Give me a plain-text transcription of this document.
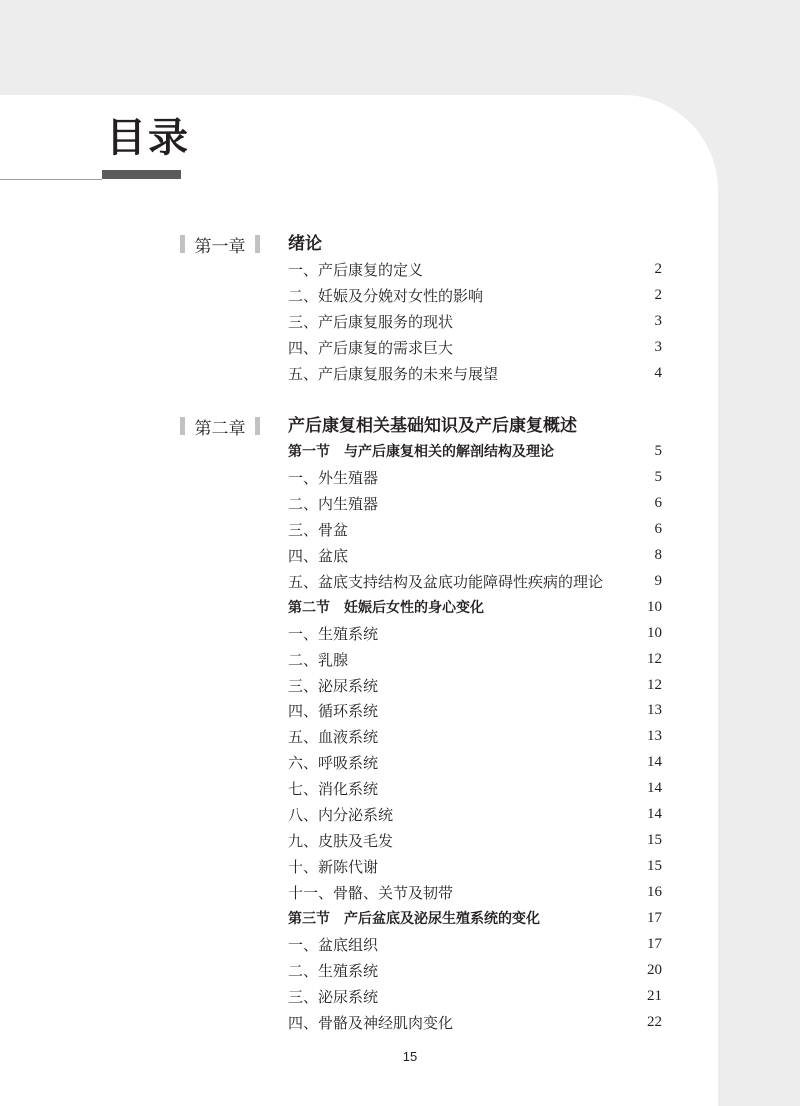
目录
第一章	绪论
一、产后康复的定义	2
二、妊娠及分娩对女性的影响	2
三、产后康复服务的现状	3
四、产后康复的需求巨大	3
五、产后康复服务的未来与展望	4
第二章	产后康复相关基础知识及产后康复概述
第一节　与产后康复相关的解剖结构及理论	5
一、外生殖器	5
二、内生殖器	6
三、骨盆	6
四、盆底	8
五、盆底支持结构及盆底功能障碍性疾病的理论	9
第二节　妊娠后女性的身心变化	10
一、生殖系统	10
二、乳腺	12
三、泌尿系统	12
四、循环系统	13
五、血液系统	13
六、呼吸系统	14
七、消化系统	14
八、内分泌系统	14
九、皮肤及毛发	15
十、新陈代谢	15
十一、骨骼、关节及韧带	16
第三节　产后盆底及泌尿生殖系统的变化	17
一、盆底组织	17
二、生殖系统	20
三、泌尿系统	21
四、骨骼及神经肌肉变化	22
15
